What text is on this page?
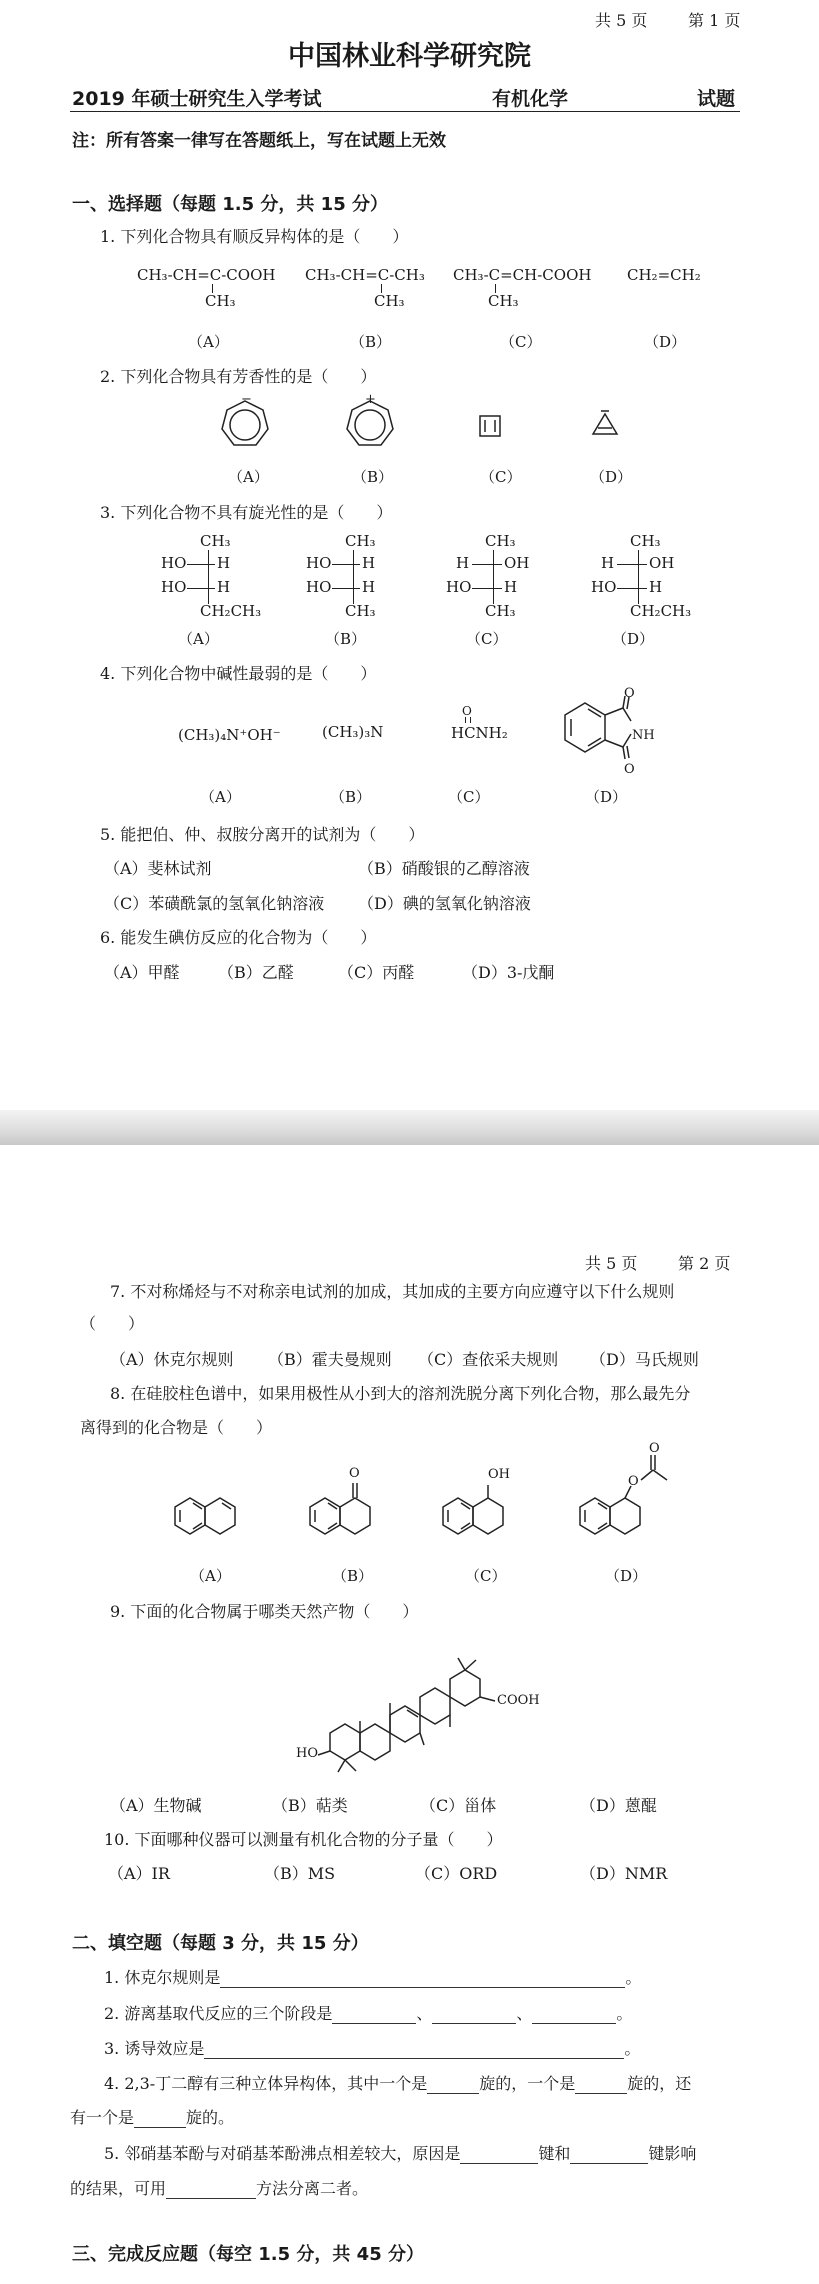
共 5 页	第 1 页
中国林业科学研究院
2019 年硕士研究生入学考试	有机化学	试题
注：所有答案一律写在答题纸上，写在试题上无效
一、选择题（每题 1.5 分，共 15 分）
1. 下列化合物具有顺反异构体的是（　　）
CH₃-CH=C-COOH
CH₃
CH₃-CH=C-CH₃
CH₃
CH₃-C=CH-COOH
CH₃
CH₂=CH₂
（A）	（B）	（C）	（D）
2. 下列化合物具有芳香性的是（　　）
−	+
（A）	（B）	（C）	（D）
3. 下列化合物不具有旋光性的是（　　）
CH₃
HO H
HO H
CH₂CH₃
CH₃
HO H
HO H
CH₃
CH₃
H OH
HO H
CH₃
CH₃
H OH
HO H
CH₂CH₃
（A）	（B）	（C）	（D）
4. 下列化合物中碱性最弱的是（　　）
(CH₃)₄N⁺OH⁻	(CH₃)₃N
O
HCNH₂
O
NH
O
（A）	（B）	（C）	（D）
5. 能把伯、仲、叔胺分离开的试剂为（　　）
（A）斐林试剂	（B）硝酸银的乙醇溶液
（C）苯磺酰氯的氢氧化钠溶液 （D）碘的氢氧化钠溶液
6. 能发生碘仿反应的化合物为（　　）
（A）甲醛 （B）乙醛	（C）丙醛	（D）3-戊酮
共 5 页	第 2 页
7. 不对称烯烃与不对称亲电试剂的加成，其加成的主要方向应遵守以下什么规则
（　　）
（A）休克尔规则 （B）霍夫曼规则 （C）查依采夫规则 （D）马氏规则
8. 在硅胶柱色谱中，如果用极性从小到大的溶剂洗脱分离下列化合物，那么最先分
离得到的化合物是（　　）
O	OH	O
O
（A）	（B）	（C）	（D）
9. 下面的化合物属于哪类天然产物（　　）
COOH
HO
（A）生物碱	（B）萜类	（C）甾体	（D）蒽醌
10. 下面哪种仪器可以测量有机化合物的分子量（　　）
（A）IR	（B）MS	（C）ORD	（D）NMR
二、填空题（每题 3 分，共 15 分）
1. 休克尔规则是	。
2. 游离基取代反应的三个阶段是	、	、	。
3. 诱导效应是	。
4. 2,3-丁二醇有三种立体异构体，其中一个是	旋的，一个是	旋的，还
有一个是	旋的。
5. 邻硝基苯酚与对硝基苯酚沸点相差较大，原因是	键和	键影响
的结果，可用	方法分离二者。
三、完成反应题（每空 1.5 分，共 45 分）
